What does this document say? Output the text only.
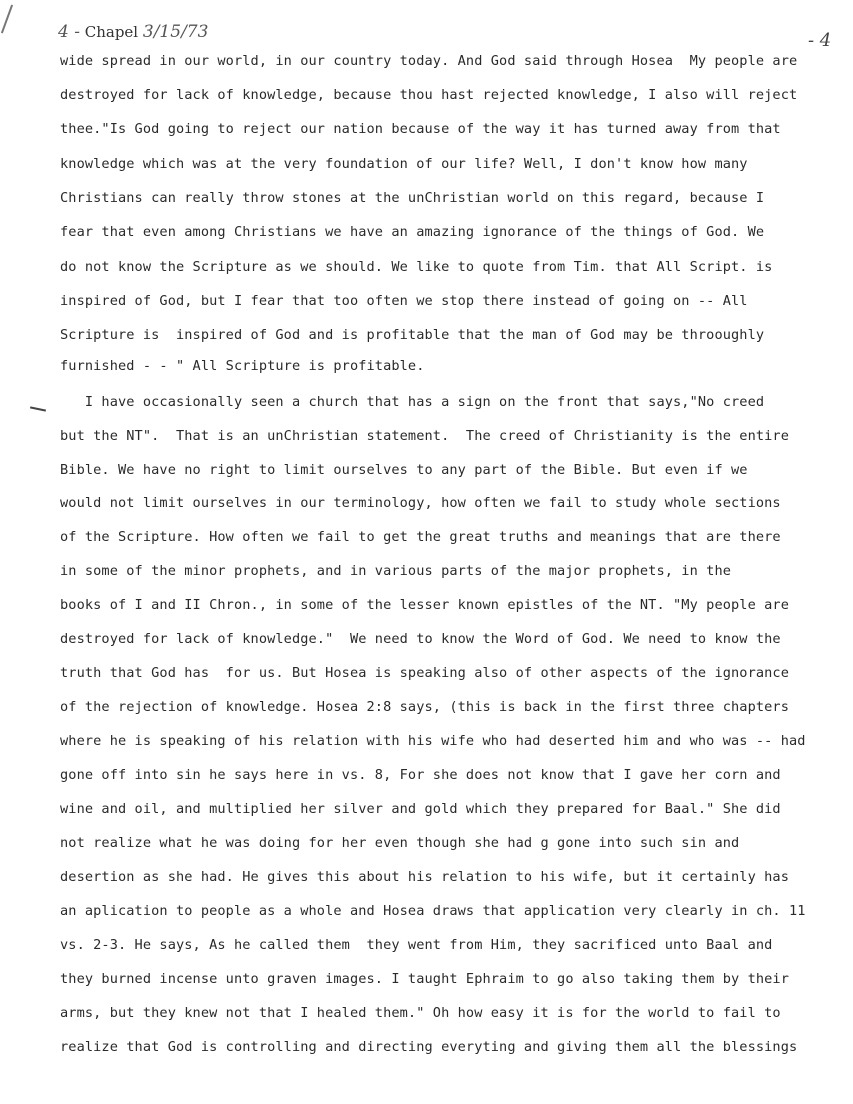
4 - Chapel 3/15/73	- 4
wide spread in our world, in our country today. And God said through Hosea  My people are
destroyed for lack of knowledge, because thou hast rejected knowledge, I also will reject
thee."Is God going to reject our nation because of the way it has turned away from that
knowledge which was at the very foundation of our life? Well, I don't know how many
Christians can really throw stones at the unChristian world on this regard, because I
fear that even among Christians we have an amazing ignorance of the things of God. We
do not know the Scripture as we should. We like to quote from Tim. that All Script. is
inspired of God, but I fear that too often we stop there instead of going on -- All
Scripture is  inspired of God and is profitable that the man of God may be throoughly
furnished - - " All Scripture is profitable.
I have occasionally seen a church that has a sign on the front that says,"No creed
but the NT".  That is an unChristian statement.  The creed of Christianity is the entire
Bible. We have no right to limit ourselves to any part of the Bible. But even if we
would not limit ourselves in our terminology, how often we fail to study whole sections
of the Scripture. How often we fail to get the great truths and meanings that are there
in some of the minor prophets, and in various parts of the major prophets, in the
books of I and II Chron., in some of the lesser known epistles of the NT. "My people are
destroyed for lack of knowledge."  We need to know the Word of God. We need to know the
truth that God has  for us. But Hosea is speaking also of other aspects of the ignorance
of the rejection of knowledge. Hosea 2:8 says, (this is back in the first three chapters
where he is speaking of his relation with his wife who had deserted him and who was -- had
gone off into sin he says here in vs. 8, For she does not know that I gave her corn and
wine and oil, and multiplied her silver and gold which they prepared for Baal." She did
not realize what he was doing for her even though she had g gone into such sin and
desertion as she had. He gives this about his relation to his wife, but it certainly has
an aplication to people as a whole and Hosea draws that application very clearly in ch. 11
vs. 2-3. He says, As he called them  they went from Him, they sacrificed unto Baal and
they burned incense unto graven images. I taught Ephraim to go also taking them by their
arms, but they knew not that I healed them." Oh how easy it is for the world to fail to
realize that God is controlling and directing everyting and giving them all the blessings
